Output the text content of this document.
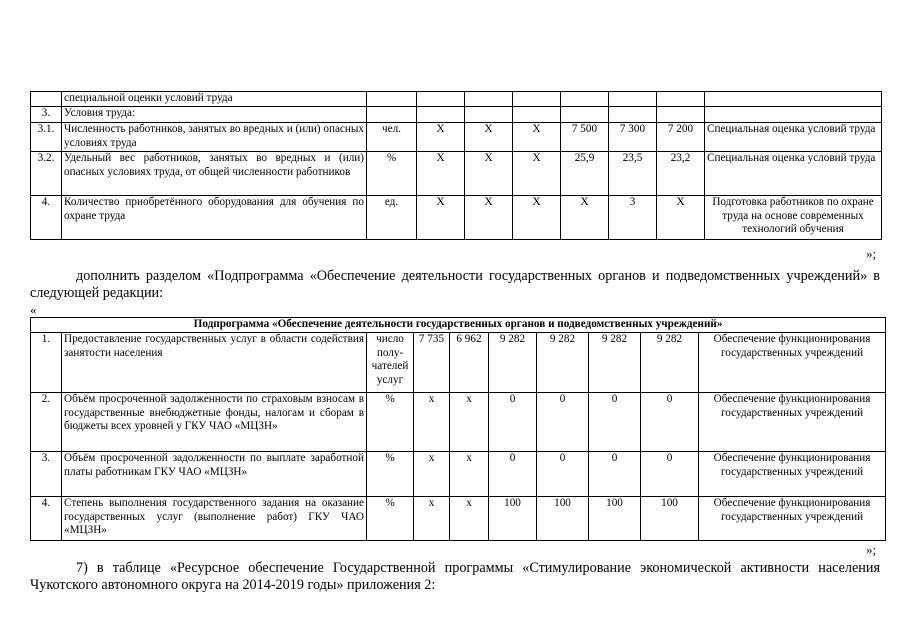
	специальной оценки условий труда								
3.	Условия труда:								
3.1.	Численность работников, занятых во вредных и (или) опасных условиях труда	чел.	Х	Х	Х	7 500	7 300	7 200	Специальная оценка условий труда
3.2.	Удельный вес работников, занятых во вредных и (или) опасных условиях труда, от общей численности работников	%	Х	Х	Х	25,9	23,5	23,2	Специальная оценка условий труда
4.	Количество приобретённого оборудования для обучения по охране труда	ед.	Х	Х	Х	Х	3	Х	Подготовка работников по охране труда на основе современных технологий обучения
»;

дополнить разделом «Подпрограмма «Обеспечение деятельности государственных органов и подведомственных учреждений» в следующей редакции:

«
Подпрограмма «Обеспечение деятельности государственных органов и подведомственных учреждений»									
1.	Предоставление государственных услуг в области содействия занятости населения	число полу-чателей услуг	7 735	6 962	9 282	9 282	9 282	9 282	Обеспечение функционирования государственных учреждений
2.	Объём просроченной задолженности по страховым взносам в государственные внебюджетные фонды, налогам и сборам в бюджеты всех уровней у ГКУ ЧАО «МЦЗН»	%	х	х	0	0	0	0	Обеспечение функционирования государственных учреждений
3.	Объём просроченной задолженности по выплате заработной платы работникам ГКУ ЧАО «МЦЗН»	%	х	х	0	0	0	0	Обеспечение функционирования государственных учреждений
4.	Степень выполнения государственного задания на оказание государственных услуг (выполнение работ) ГКУ ЧАО «МЦЗН»	%	х	х	100	100	100	100	Обеспечение функционирования государственных учреждений
»;

7) в таблице «Ресурсное обеспечение Государственной программы «Стимулирование экономической активности населения Чукотского автономного округа на 2014-2019 годы» приложения 2:
